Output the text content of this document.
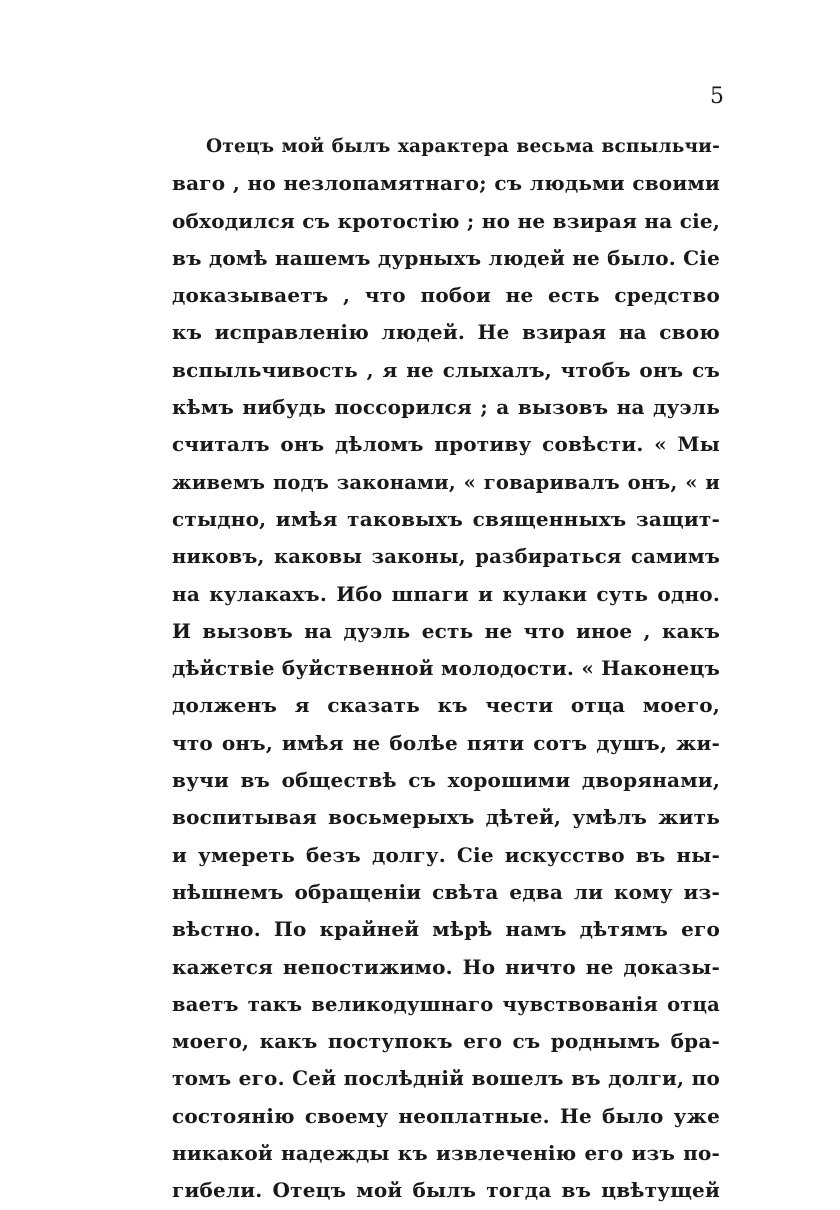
5
Отецъ мой былъ характера весьма вспыльчи-
ваго , но незлопамятнаго; съ людьми своими
обходился съ кротостію ; но не взирая на сіе,
въ домѣ нашемъ дурныхъ людей не было. Сіе
доказываетъ , что побои не есть средство
къ исправленію людей. Не взирая на свою
вспыльчивость , я не слыхалъ, чтобъ онъ съ
кѣмъ нибудь поссорился ; а вызовъ на дуэль
считалъ онъ дѣломъ противу совѣсти. « Мы
живемъ подъ законами, « говаривалъ онъ, « и
стыдно, имѣя таковыхъ священныхъ защит-
никовъ, каковы законы, разбираться самимъ
на кулакахъ. Ибо шпаги и кулаки суть одно.
И вызовъ на дуэль есть не что иное , какъ
дѣйствіе буйственной молодости. « Наконецъ
долженъ я сказать къ чести отца моего,
что онъ, имѣя не болѣе пяти сотъ душъ, жи-
вучи въ обществѣ съ хорошими дворянами,
воспитывая восьмерыхъ дѣтей, умѣлъ жить
и умереть безъ долгу. Сіе искусство въ ны-
нѣшнемъ обращеніи свѣта едва ли кому из-
вѣстно. По крайней мѣрѣ намъ дѣтямъ его
кажется непостижимо. Но ничто не доказы-
ваетъ такъ великодушнаго чувствованія отца
моего, какъ поступокъ его съ роднымъ бра-
томъ его. Сей послѣдній вошелъ въ долги, по
состоянію своему неоплатные. Не было уже
никакой надежды къ извлеченію его изъ по-
гибели. Отецъ мой былъ тогда въ цвѣтущей
